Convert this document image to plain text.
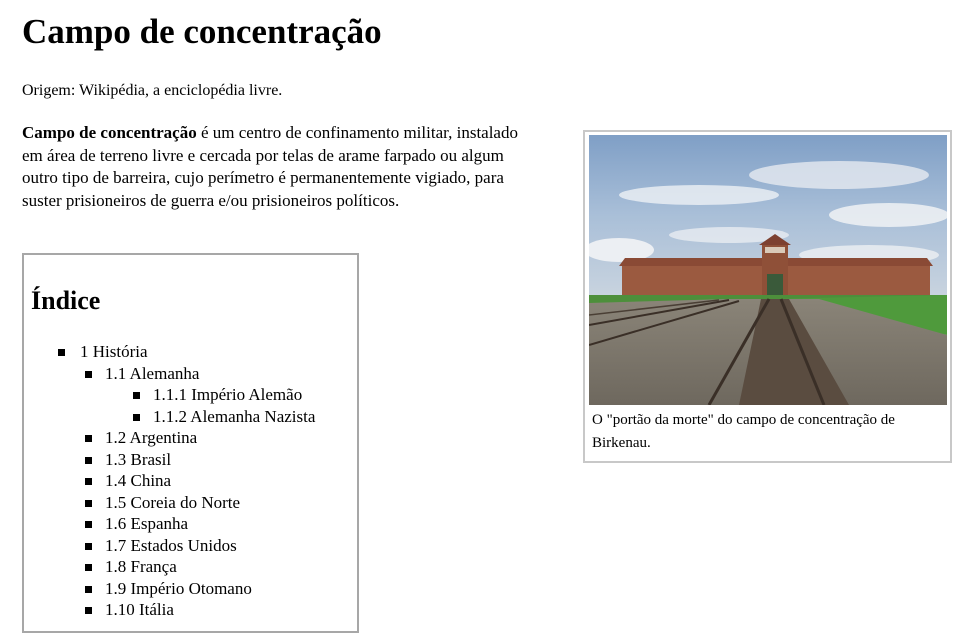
Campo de concentração

Origem: Wikipédia, a enciclopédia livre.

Campo de concentração é um centro de confinamento militar, instalado em área de terreno livre e cercada por telas de arame farpado ou algum outro tipo de barreira, cujo perímetro é permanentemente vigiado, para suster prisioneiros de guerra e/ou prisioneiros políticos.

Índice
1 História
1.1 Alemanha
1.1.1 Império Alemão
1.1.2 Alemanha Nazista
1.2 Argentina
1.3 Brasil
1.4 China
1.5 Coreia do Norte
1.6 Espanha
1.7 Estados Unidos
1.8 França
1.9 Império Otomano
1.10 Itália

O "portão da morte" do campo de concentração de Birkenau.
